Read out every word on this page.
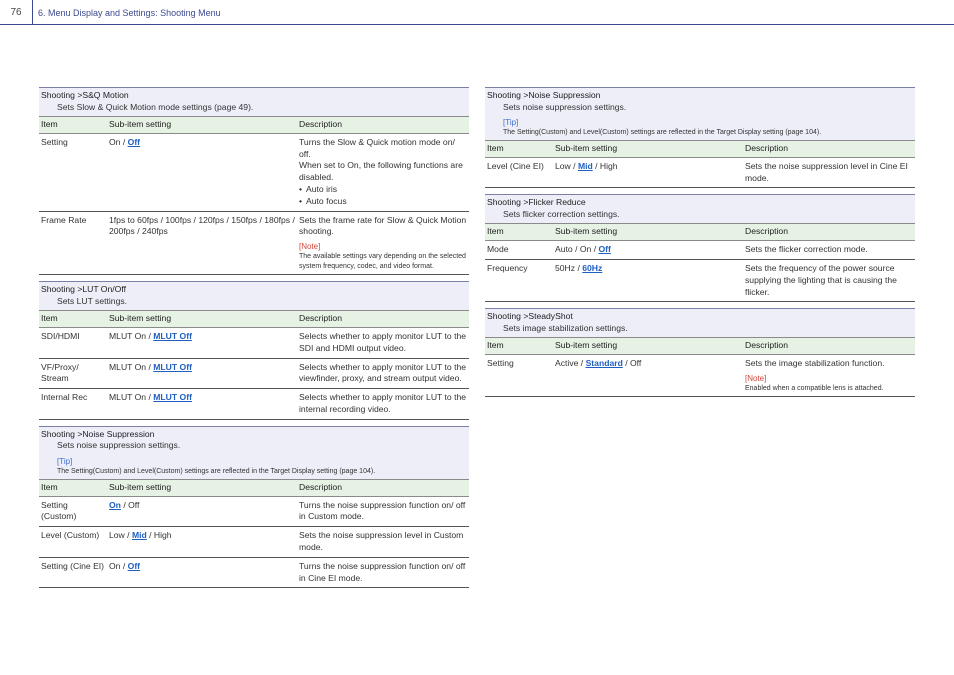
76	6. Menu Display and Settings: Shooting Menu
Shooting >S&Q Motion
Sets Slow & Quick Motion mode settings (page 49).
Item	Sub-item setting	Description
Setting	On / Off	Turns the Slow & Quick motion mode on/ off.
When set to On, the following functions are disabled.
• Auto iris
• Auto focus

Frame Rate	1fps to 60fps / 100fps / 120fps / 150fps / 180fps / 200fps / 240fps	Sets the frame rate for Slow & Quick Motion shooting.
[Note]
The available settings vary depending on the selected system frequency, codec, and video format.
Shooting >LUT On/Off
Sets LUT settings.
Item	Sub-item setting	Description
SDI/HDMI	MLUT On / MLUT Off	Selects whether to apply monitor LUT to the SDI and HDMI output video.

VF/Proxy/ Stream	MLUT On / MLUT Off	Selects whether to apply monitor LUT to the viewfinder, proxy, and stream output video.

Internal Rec	MLUT On / MLUT Off	Selects whether to apply monitor LUT to the internal recording video.
Shooting >Noise Suppression
Sets noise suppression settings.
[Tip]
The Setting(Custom) and Level(Custom) settings are reflected in the Target Display setting (page 104).
Item	Sub-item setting	Description
Setting (Custom)	On / Off	Turns the noise suppression function on/ off in Custom mode.

Level (Custom)	Low / Mid / High	Sets the noise suppression level in Custom mode.

Setting (Cine EI)	On / Off	Turns the noise suppression function on/ off in Cine EI mode.
Shooting >Noise Suppression
Sets noise suppression settings.
[Tip]
The Setting(Custom) and Level(Custom) settings are reflected in the Target Display setting (page 104).
Item	Sub-item setting	Description
Level (Cine EI)	Low / Mid / High	Sets the noise suppression level in Cine EI mode.
Shooting >Flicker Reduce
Sets flicker correction settings.
Item	Sub-item setting	Description
Mode	Auto / On / Off	Sets the flicker correction mode.

Frequency	50Hz / 60Hz	Sets the frequency of the power source supplying the lighting that is causing the flicker.
Shooting >SteadyShot
Sets image stabilization settings.
Item	Sub-item setting	Description
Setting	Active / Standard / Off	Sets the image stabilization function.
[Note]
Enabled when a compatible lens is attached.
